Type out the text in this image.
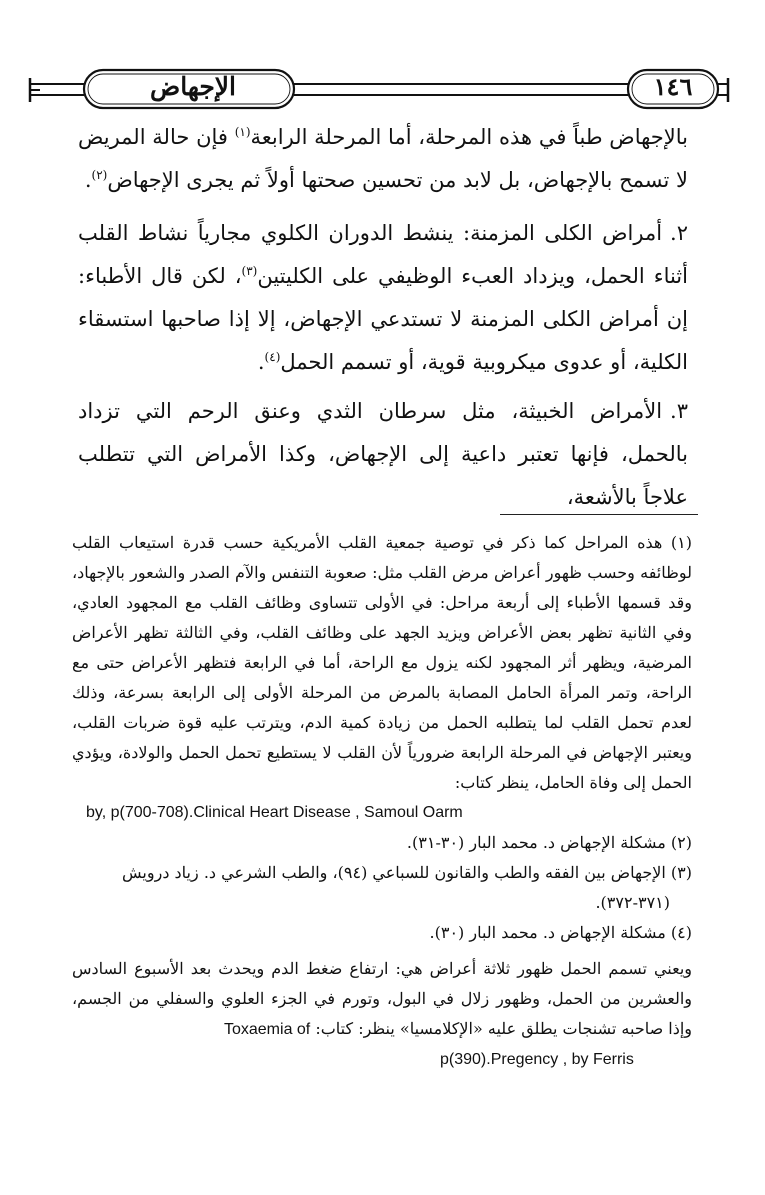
الإجهاض	١٤٦

بالإجهاض طباً في هذه المرحلة، أما المرحلة الرابعة$^{(١)}$ فإن حالة المريض لا تسمح بالإجهاض، بل لابد من تحسين صحتها أولاً ثم يجرى الإجهاض$^{(٢)}$.

٢.أمراض الكلى المزمنة: ينشط الدوران الكلوي مجارياً نشاط القلب أثناء الحمل، ويزداد العبء الوظيفي على الكليتين$^{(٣)}$، لكن قال الأطباء: إن أمراض الكلى المزمنة لا تستدعي الإجهاض، إلا إذا صاحبها استسقاء الكلية، أو عدوى ميكروبية قوية، أو تسمم الحمل$^{(٤)}$.

٣.الأمراض الخبيثة، مثل سرطان الثدي وعنق الرحم التي تزداد بالحمل، فإنها تعتبر داعية إلى الإجهاض، وكذا الأمراض التي تتطلب علاجاً بالأشعة،

(١) هذه المراحل كما ذكر في توصية جمعية القلب الأمريكية حسب قدرة استيعاب القلب لوظائفه وحسب ظهور أعراض مرض القلب مثل: صعوبة التنفس والآم الصدر والشعور بالإجهاد، وقد قسمها الأطباء إلى أربعة مراحل: في الأولى تتساوى وظائف القلب مع المجهود العادي، وفي الثانية تظهر بعض الأعراض ويزيد الجهد على وظائف القلب، وفي الثالثة تظهر الأعراض المرضية، ويظهر أثر المجهود لكنه يزول مع الراحة، أما في الرابعة فتظهر الأعراض حتى مع الراحة، وتمر المرأة الحامل المصابة بالمرض من المرحلة الأولى إلى الرابعة بسرعة، وذلك لعدم تحمل القلب لما يتطلبه الحمل من زيادة كمية الدم، ويترتب عليه قوة ضربات القلب، ويعتبر الإجهاض في المرحلة الرابعة ضرورياً لأن القلب لا يستطيع تحمل الحمل والولادة، ويؤدي الحمل إلى وفاة الحامل، ينظر كتاب:

by, p(700-708).Clinical Heart Disease , Samoul Oarm

(٢) مشكلة الإجهاض د. محمد البار (٣٠-٣١).

(٣) الإجهاض بين الفقه والطب والقانون للسباعي (٩٤)، والطب الشرعي د. زياد درويش

(٣٧١-٣٧٢).

(٤) مشكلة الإجهاض د. محمد البار (٣٠).

ويعني تسمم الحمل ظهور ثلاثة أعراض هي: ارتفاع ضغط الدم ويحدث بعد الأسبوع السادس والعشرين من الحمل، وظهور زلال في البول، وتورم في الجزء العلوي والسفلي من الجسم، وإذا صاحبه تشنجات يطلق عليه «الإكلامسيا» ينظر: كتاب: Toxaemia of

p(390).Pregency , by Ferris
